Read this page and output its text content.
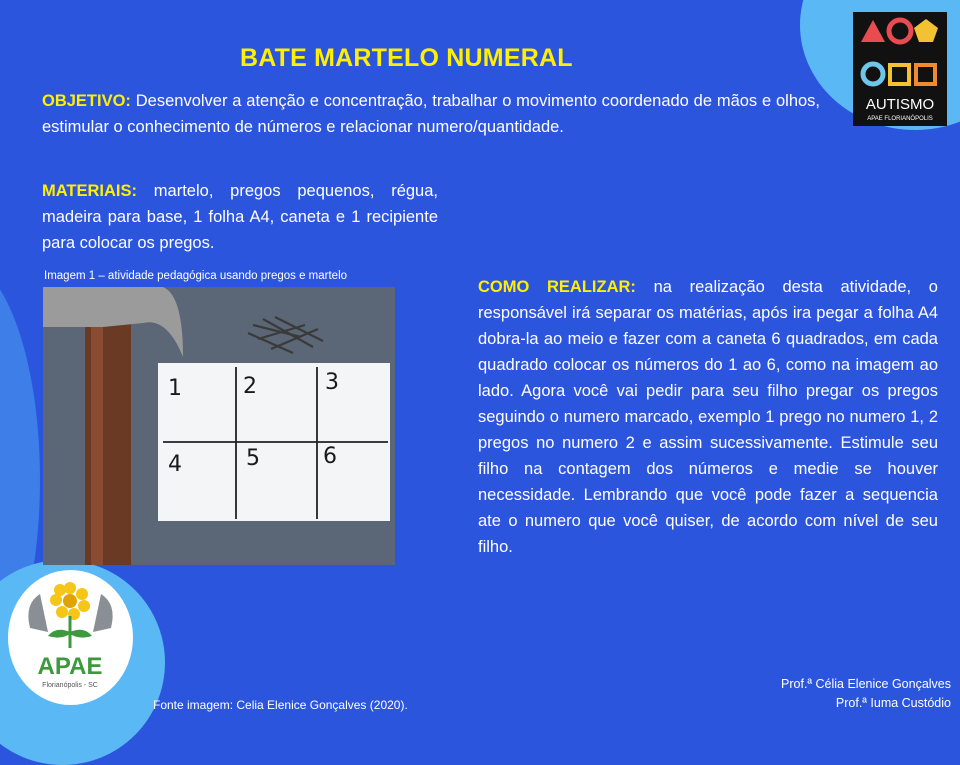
AUTISMO
APAE FLORIANÓPOLIS
BATE MARTELO NUMERAL
OBJETIVO: Desenvolver a atenção e concentração, trabalhar o movimento coordenado de mãos e olhos, estimular o conhecimento de números e relacionar numero/quantidade.
MATERIAIS: martelo, pregos pequenos, régua, madeira para base, 1 folha A4, caneta e 1 recipiente para colocar os pregos.
Imagem 1 – atividade pedagógica usando pregos e martelo
1	2	3
4	5	6
COMO REALIZAR: na realização desta atividade, o responsável irá separar os matérias, após ira pegar a folha A4 dobra-la ao meio e fazer com a caneta 6 quadrados, em cada quadrado colocar os números do 1 ao 6, como na imagem ao lado. Agora você vai pedir para seu filho pregar os pregos seguindo o numero marcado, exemplo 1 prego no numero 1, 2 pregos no numero 2 e assim sucessivamente. Estimule seu filho na contagem dos números e medie se houver necessidade. Lembrando que você pode fazer a sequencia ate o numero que você quiser, de acordo com nível de seu filho.
APAE
Florianópolis - SC
Fonte imagem: Celia Elenice Gonçalves (2020).
Prof.ª Célia Elenice Gonçalves
Prof.ª Iuma Custódio
